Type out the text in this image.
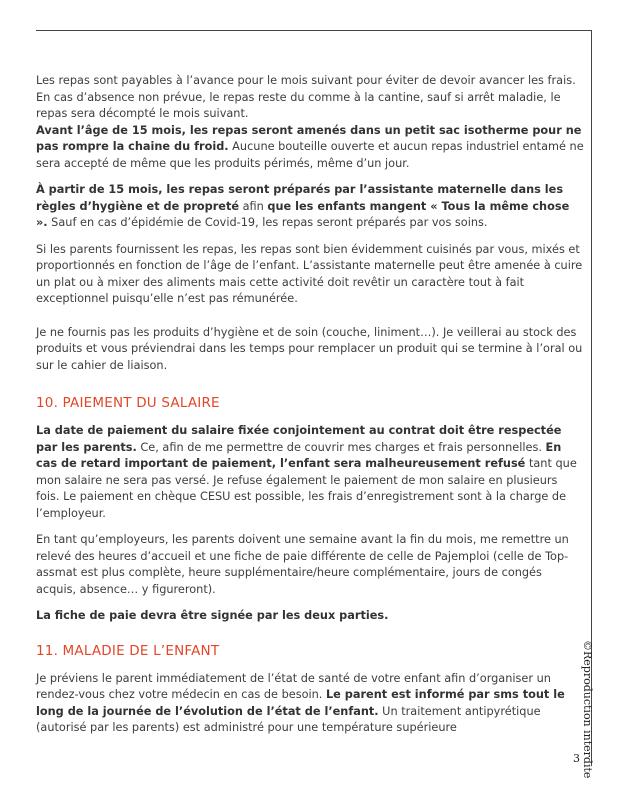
Les repas sont payables à l’avance pour le mois suivant pour éviter de devoir avancer les frais. En cas d’absence non prévue, le repas reste du comme à la cantine, sauf si arrêt maladie, le repas sera décompté le mois suivant.

Avant l’âge de 15 mois, les repas seront amenés dans un petit sac isotherme pour ne pas rompre la chaine du froid. Aucune bouteille ouverte et aucun repas industriel entamé ne sera accepté de même que les produits périmés, même d’un jour.

À partir de 15 mois, les repas seront préparés par l’assistante maternelle dans les règles d’hygiène et de propreté afin que les enfants mangent « Tous la même chose ». Sauf en cas d’épidémie de Covid-19, les repas seront préparés par vos soins.

Si les parents fournissent les repas, les repas sont bien évidemment cuisinés par vous, mixés et proportionnés en fonction de l’âge de l’enfant. L’assistante maternelle peut être amenée à cuire un plat ou à mixer des aliments mais cette activité doit revêtir un caractère tout à fait exceptionnel puisqu’elle n’est pas rémunérée.

Je ne fournis pas les produits d’hygiène et de soin (couche, liniment…). Je veillerai au stock des produits et vous préviendrai dans les temps pour remplacer un produit qui se termine à l’oral ou sur le cahier de liaison.

10. PAIEMENT DU SALAIRE

La date de paiement du salaire fixée conjointement au contrat doit être respectée par les parents. Ce, afin de me permettre de couvrir mes charges et frais personnelles. En cas de retard important de paiement, l’enfant sera malheureusement refusé tant que mon salaire ne sera pas versé. Je refuse également le paiement de mon salaire en plusieurs fois. Le paiement en chèque CESU est possible, les frais d’enregistrement sont à la charge de l’employeur.

En tant qu’employeurs, les parents doivent une semaine avant la fin du mois, me remettre un relevé des heures d’accueil et une fiche de paie différente de celle de Pajemploi (celle de Top-assmat est plus complète, heure supplémentaire/heure complémentaire, jours de congés acquis, absence… y figureront).

La fiche de paie devra être signée par les deux parties.

11. MALADIE DE L’ENFANT

Je préviens le parent immédiatement de l’état de santé de votre enfant afin d’organiser un rendez-vous chez votre médecin en cas de besoin. Le parent est informé par sms tout le long de la journée de l’évolution de l’état de l’enfant. Un traitement antipyrétique (autorisé par les parents) est administré pour une température supérieure	©Reproduction interdite
3
